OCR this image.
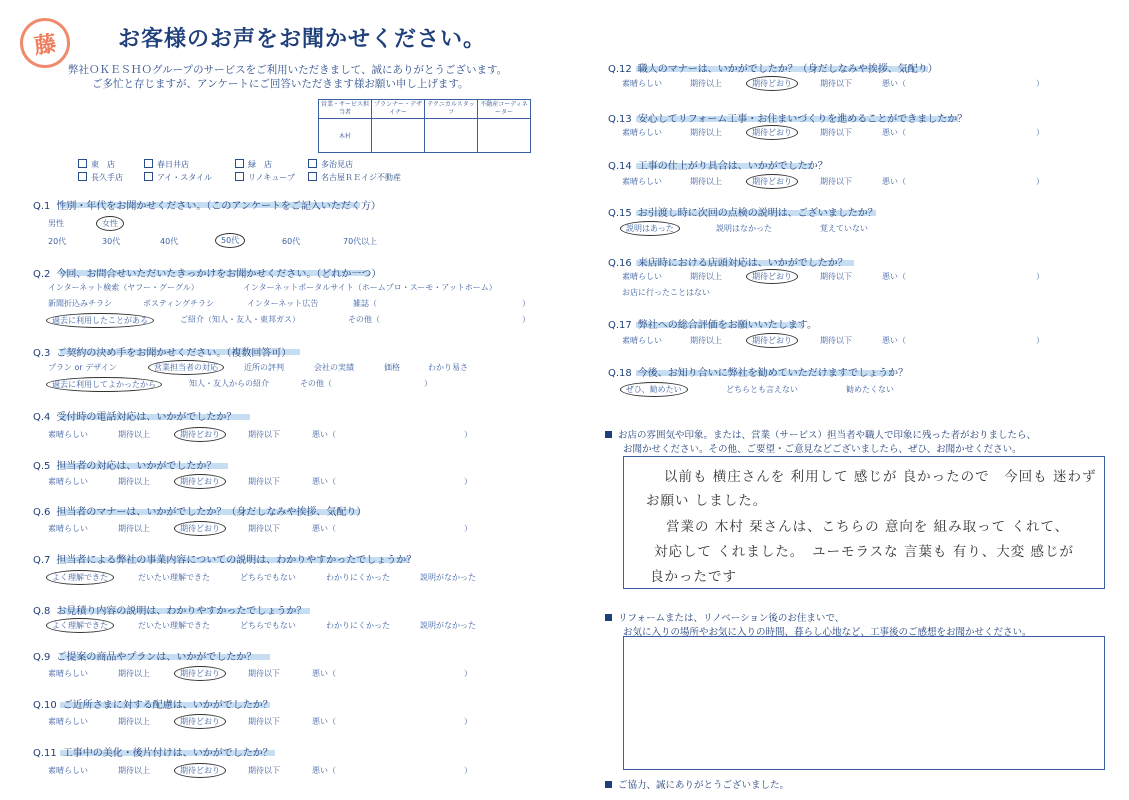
藤	お客様のお声をお聞かせください。
弊社ＯＫＥＳＨＯグループのサービスをご利用いただきまして、誠にありがとうございます。
ご多忙と存じますが、アンケートにご回答いただきます様お願い申し上げます。
営業・サービス担当者	プランナー・デザイナー	テクニカルスタッフ	不動産コーディネーター
木村			
東　店	春日井店	緑　店	多治見店
長久手店	アイ・スタイル	リノキューブ	名古屋ＲＥイジ不動産
Q.1 性別・年代をお聞かせください。（このアンケートをご記入いただく方）
男性	女性
20代	30代	40代	50代	60代	70代以上
Q.2 今回、お問合せいただいたきっかけをお聞かせください。（どれか一つ）
インターネット検索（ヤフー・グーグル）	インターネットポータルサイト（ホームプロ・スーモ・アットホーム）
新聞折込みチラシ	ポスティングチラシ	インターネット広告	雑誌（	）
過去に利用したことがある	ご紹介（知人・友人・東邦ガス）	その他（	）
Q.3 ご契約の決め手をお聞かせください。（複数回答可）
プラン or デザイン	営業担当者の対応	近所の評判	会社の実績	価格	わかり易さ
過去に利用してよかったから	知人・友人からの紹介	その他（	）
Q.4 受付時の電話対応は、いかがでしたか？
素晴らしい	期待以上	期待どおり	期待以下	悪い（	）
Q.5 担当者の対応は、いかがでしたか？
素晴らしい	期待以上	期待どおり	期待以下	悪い（	）
Q.6 担当者のマナーは、いかがでしたか？（身だしなみや挨拶、気配り）
素晴らしい	期待以上	期待どおり	期待以下	悪い（	）
Q.7 担当者による弊社の事業内容についての説明は、わかりやすかったでしょうか？
よく理解できた	だいたい理解できた	どちらでもない	わかりにくかった	説明がなかった
Q.8 お見積り内容の説明は、わかりやすかったでしょうか？
よく理解できた	だいたい理解できた	どちらでもない	わかりにくかった	説明がなかった
Q.9 ご提案の商品やプランは、いかがでしたか？
素晴らしい	期待以上	期待どおり	期待以下	悪い（	）
Q.10 ご近所さまに対する配慮は、いかがでしたか？
素晴らしい	期待以上	期待どおり	期待以下	悪い（	）
Q.11 工事中の美化・後片付けは、いかがでしたか？
素晴らしい	期待以上	期待どおり	期待以下	悪い（	）
Q.12 職人のマナーは、いかがでしたか？（身だしなみや挨拶、気配り）
素晴らしい	期待以上	期待どおり	期待以下	悪い（	）
Q.13 安心してリフォーム工事・お住まいづくりを進めることができましたか？
素晴らしい	期待以上	期待どおり	期待以下	悪い（	）
Q.14 工事の仕上がり具合は、いかがでしたか？
素晴らしい	期待以上	期待どおり	期待以下	悪い（	）
Q.15 お引渡し時に次回の点検の説明は、ございましたか？
説明はあった	説明はなかった	覚えていない
Q.16 来店時における店頭対応は、いかがでしたか？
素晴らしい	期待以上	期待どおり	期待以下	悪い（	）
お店に行ったことはない
Q.17 弊社への総合評価をお願いいたします。
素晴らしい	期待以上	期待どおり	期待以下	悪い（	）
Q.18 今後、お知り合いに弊社を勧めていただけますでしょうか？
ぜひ、勧めたい	どちらとも言えない	勧めたくない
お店の雰囲気や印象。または、営業（サービス）担当者や職人で印象に残った者がおりましたら、
お聞かせください。その他、ご要望・ご意見などございましたら、ぜひ、お聞かせください。
以前も 横庄さんを 利用して 感じが 良かったので　今回も 迷わず
お願い しました。
営業の 木村 栞さんは、こちらの 意向を 組み取って くれて、
対応して くれました。　ユーモラスな 言葉も 有り、大変 感じが
良かったです
リフォームまたは、リノベーション後のお住まいで、
お気に入りの場所やお気に入りの時間、暮らし心地など、工事後のご感想をお聞かせください。
ご協力、誠にありがとうございました。
